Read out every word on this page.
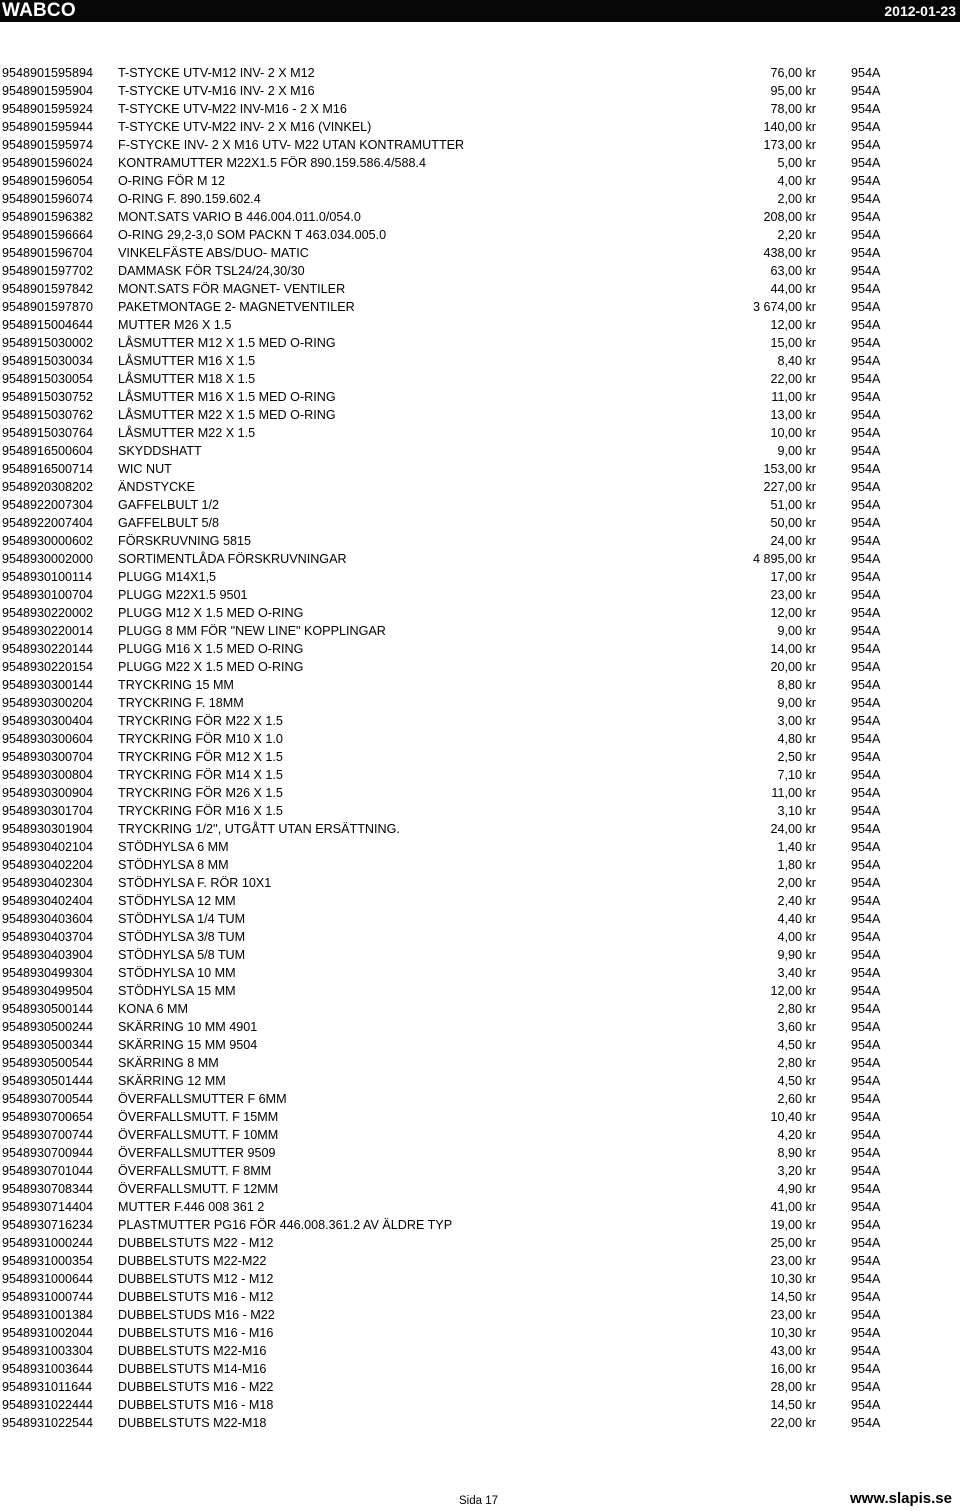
WABCO	2012-01-23
9548901595894 T-STYCKE UTV-M12 INV- 2 X M12	76,00 kr	954A
9548901595904 T-STYCKE UTV-M16 INV- 2 X M16	95,00 kr	954A
9548901595924 T-STYCKE UTV-M22 INV-M16 - 2 X M16	78,00 kr	954A
9548901595944 T-STYCKE UTV-M22 INV- 2 X M16 (VINKEL)	140,00 kr	954A
9548901595974 F-STYCKE INV- 2 X M16 UTV- M22 UTAN KONTRAMUTTER	173,00 kr	954A
9548901596024 KONTRAMUTTER M22X1.5 FÖR 890.159.586.4/588.4	5,00 kr	954A
9548901596054 O-RING FÖR M 12	4,00 kr	954A
9548901596074 O-RING F. 890.159.602.4	2,00 kr	954A
9548901596382 MONT.SATS VARIO B 446.004.011.0/054.0	208,00 kr	954A
9548901596664 O-RING 29,2-3,0 SOM PACKN T 463.034.005.0	2,20 kr	954A
9548901596704 VINKELFÄSTE ABS/DUO- MATIC	438,00 kr	954A
9548901597702 DAMMASK FÖR TSL24/24,30/30	63,00 kr	954A
9548901597842 MONT.SATS FÖR MAGNET- VENTILER	44,00 kr	954A
9548901597870 PAKETMONTAGE 2- MAGNETVENTILER	3 674,00 kr	954A
9548915004644 MUTTER M26 X 1.5	12,00 kr	954A
9548915030002 LÅSMUTTER M12 X 1.5 MED O-RING	15,00 kr	954A
9548915030034 LÅSMUTTER M16 X 1.5	8,40 kr	954A
9548915030054 LÅSMUTTER M18 X 1.5	22,00 kr	954A
9548915030752 LÅSMUTTER M16 X 1.5 MED O-RING	11,00 kr	954A
9548915030762 LÅSMUTTER M22 X 1.5 MED O-RING	13,00 kr	954A
9548915030764 LÅSMUTTER M22 X 1.5	10,00 kr	954A
9548916500604 SKYDDSHATT	9,00 kr	954A
9548916500714 WIC NUT	153,00 kr	954A
9548920308202 ÄNDSTYCKE	227,00 kr	954A
9548922007304 GAFFELBULT 1/2	51,00 kr	954A
9548922007404 GAFFELBULT 5/8	50,00 kr	954A
9548930000602 FÖRSKRUVNING 5815	24,00 kr	954A
9548930002000 SORTIMENTLÅDA FÖRSKRUVNINGAR	4 895,00 kr	954A
9548930100114 PLUGG M14X1,5	17,00 kr	954A
9548930100704 PLUGG M22X1.5 9501	23,00 kr	954A
9548930220002 PLUGG M12 X 1.5 MED O-RING	12,00 kr	954A
9548930220014 PLUGG 8 MM FÖR "NEW LINE" KOPPLINGAR	9,00 kr	954A
9548930220144 PLUGG M16 X 1.5 MED O-RING	14,00 kr	954A
9548930220154 PLUGG M22 X 1.5 MED O-RING	20,00 kr	954A
9548930300144 TRYCKRING 15 MM	8,80 kr	954A
9548930300204 TRYCKRING F. 18MM	9,00 kr	954A
9548930300404 TRYCKRING FÖR M22 X 1.5	3,00 kr	954A
9548930300604 TRYCKRING FÖR M10 X 1.0	4,80 kr	954A
9548930300704 TRYCKRING FÖR M12 X 1.5	2,50 kr	954A
9548930300804 TRYCKRING FÖR M14 X 1.5	7,10 kr	954A
9548930300904 TRYCKRING FÖR M26 X 1.5	11,00 kr	954A
9548930301704 TRYCKRING FÖR M16 X 1.5	3,10 kr	954A
9548930301904 TRYCKRING 1/2'', UTGÅTT UTAN ERSÄTTNING.	24,00 kr	954A
9548930402104 STÖDHYLSA 6 MM	1,40 kr	954A
9548930402204 STÖDHYLSA 8 MM	1,80 kr	954A
9548930402304 STÖDHYLSA F. RÖR 10X1	2,00 kr	954A
9548930402404 STÖDHYLSA 12 MM	2,40 kr	954A
9548930403604 STÖDHYLSA 1/4 TUM	4,40 kr	954A
9548930403704 STÖDHYLSA 3/8 TUM	4,00 kr	954A
9548930403904 STÖDHYLSA 5/8 TUM	9,90 kr	954A
9548930499304 STÖDHYLSA 10 MM	3,40 kr	954A
9548930499504 STÖDHYLSA 15 MM	12,00 kr	954A
9548930500144 KONA 6 MM	2,80 kr	954A
9548930500244 SKÄRRING 10 MM 4901	3,60 kr	954A
9548930500344 SKÄRRING 15 MM 9504	4,50 kr	954A
9548930500544 SKÄRRING 8 MM	2,80 kr	954A
9548930501444 SKÄRRING 12 MM	4,50 kr	954A
9548930700544 ÖVERFALLSMUTTER F 6MM	2,60 kr	954A
9548930700654 ÖVERFALLSMUTT. F 15MM	10,40 kr	954A
9548930700744 ÖVERFALLSMUTT. F 10MM	4,20 kr	954A
9548930700944 ÖVERFALLSMUTTER 9509	8,90 kr	954A
9548930701044 ÖVERFALLSMUTT. F 8MM	3,20 kr	954A
9548930708344 ÖVERFALLSMUTT. F 12MM	4,90 kr	954A
9548930714404 MUTTER F.446 008 361 2	41,00 kr	954A
9548930716234 PLASTMUTTER PG16 FÖR 446.008.361.2 AV ÄLDRE TYP	19,00 kr	954A
9548931000244 DUBBELSTUTS M22 - M12	25,00 kr	954A
9548931000354 DUBBELSTUTS M22-M22	23,00 kr	954A
9548931000644 DUBBELSTUTS M12 - M12	10,30 kr	954A
9548931000744 DUBBELSTUTS M16 - M12	14,50 kr	954A
9548931001384 DUBBELSTUDS M16 - M22	23,00 kr	954A
9548931002044 DUBBELSTUTS M16 - M16	10,30 kr	954A
9548931003304 DUBBELSTUTS M22-M16	43,00 kr	954A
9548931003644 DUBBELSTUTS M14-M16	16,00 kr	954A
9548931011644 DUBBELSTUTS M16 - M22	28,00 kr	954A
9548931022444 DUBBELSTUTS M16 - M18	14,50 kr	954A
9548931022544 DUBBELSTUTS M22-M18	22,00 kr	954A
Sida 17	www.slapis.se
